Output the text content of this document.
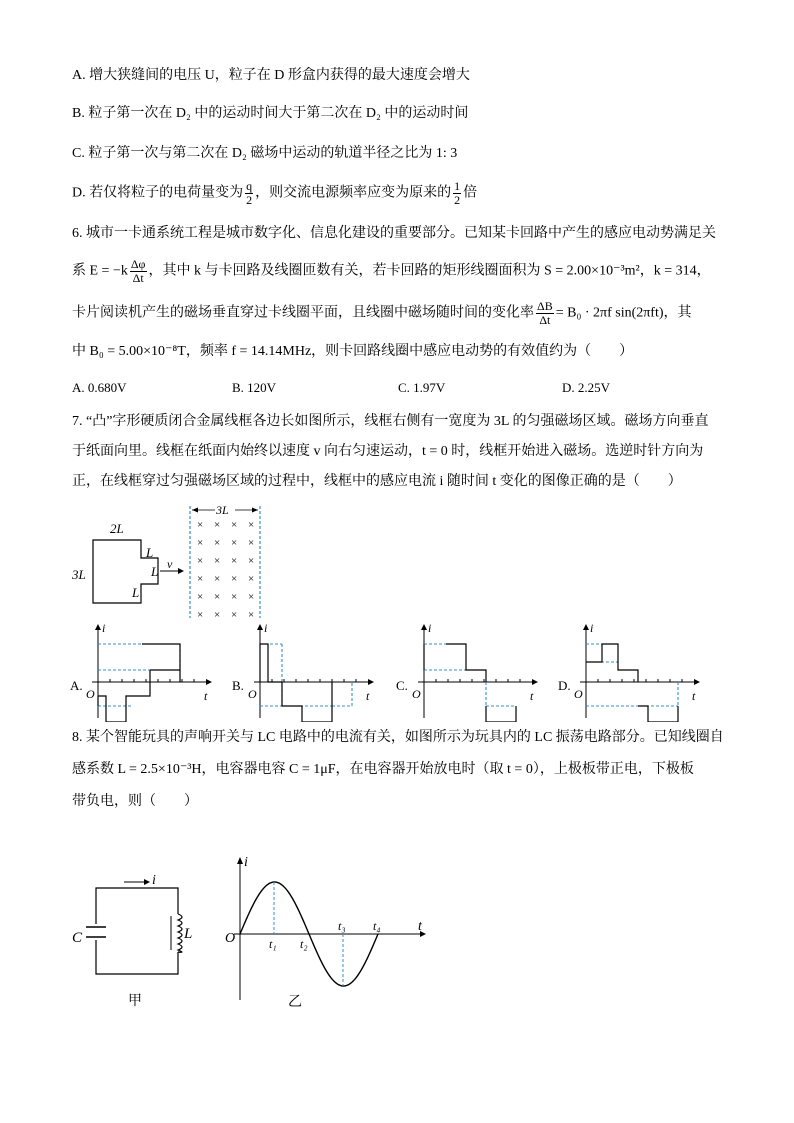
A. 增大狭缝间的电压 U，粒子在 D 形盒内获得的最大速度会增大
B. 粒子第一次在 D₂ 中的运动时间大于第二次在 D₂ 中的运动时间
C. 粒子第一次与第二次在 D₂ 磁场中运动的轨道半径之比为 1: 3
D. 若仅将粒子的电荷量变为 $\frac{q}{2}$ ，则交流电源频率应变为原来的 $\frac{1}{2}$ 倍
6. 城市一卡通系统工程是城市数字化、信息化建设的重要部分。已知某卡回路中产生的感应电动势满足关
系 $E = -k \frac{\Delta\varphi}{\Delta t}$ ，其中 k 与卡回路及线圈匝数有关，若卡回路的矩形线圈面积为 S = 2.00×10⁻³m²，k = 314，
卡片阅读机产生的磁场垂直穿过卡线圈平面，且线圈中磁场随时间的变化率 $\frac{\Delta B}{\Delta t} = B_0 \cdot 2\pi f$ sin(2πft)，其
中 B₀ = 5.00×10⁻⁸T，频率 f = 14.14MHz，则卡回路线圈中感应电动势的有效值约为（　　）
A. 0.680V	B. 120V	C. 1.97V	D. 2.25V
7. “凸”字形硬质闭合金属线框各边长如图所示，线框右侧有一宽度为 3L 的匀强磁场区域。磁场方向垂直
于纸面向里。线框在纸面内始终以速度 v 向右匀速运动，t = 0 时，线框开始进入磁场。选逆时针方向为
正，在线框穿过匀强磁场区域的过程中，线框中的感应电流 i 随时间 t 变化的图像正确的是（　　）
2L
3L
L
L
L
v
3L
× × × ×
× × × ×
× × × ×
× × × ×
× × × ×
× × × ×
A.
i
t
O
B.
i
t
O
C.
i
t
O
D.
i
t
O
8. 某个智能玩具的声响开关与 LC 电路中的电流有关，如图所示为玩具内的 LC 振荡电路部分。已知线圈自
感系数 L = 2.5×10⁻³H，电容器电容 C = 1μF，在电容器开始放电时（取 t = 0），上极板带正电，下极板
带负电，则（　　）
i
C	L
甲
i
t
O	t₁ t₂
t₃ t₄
乙
